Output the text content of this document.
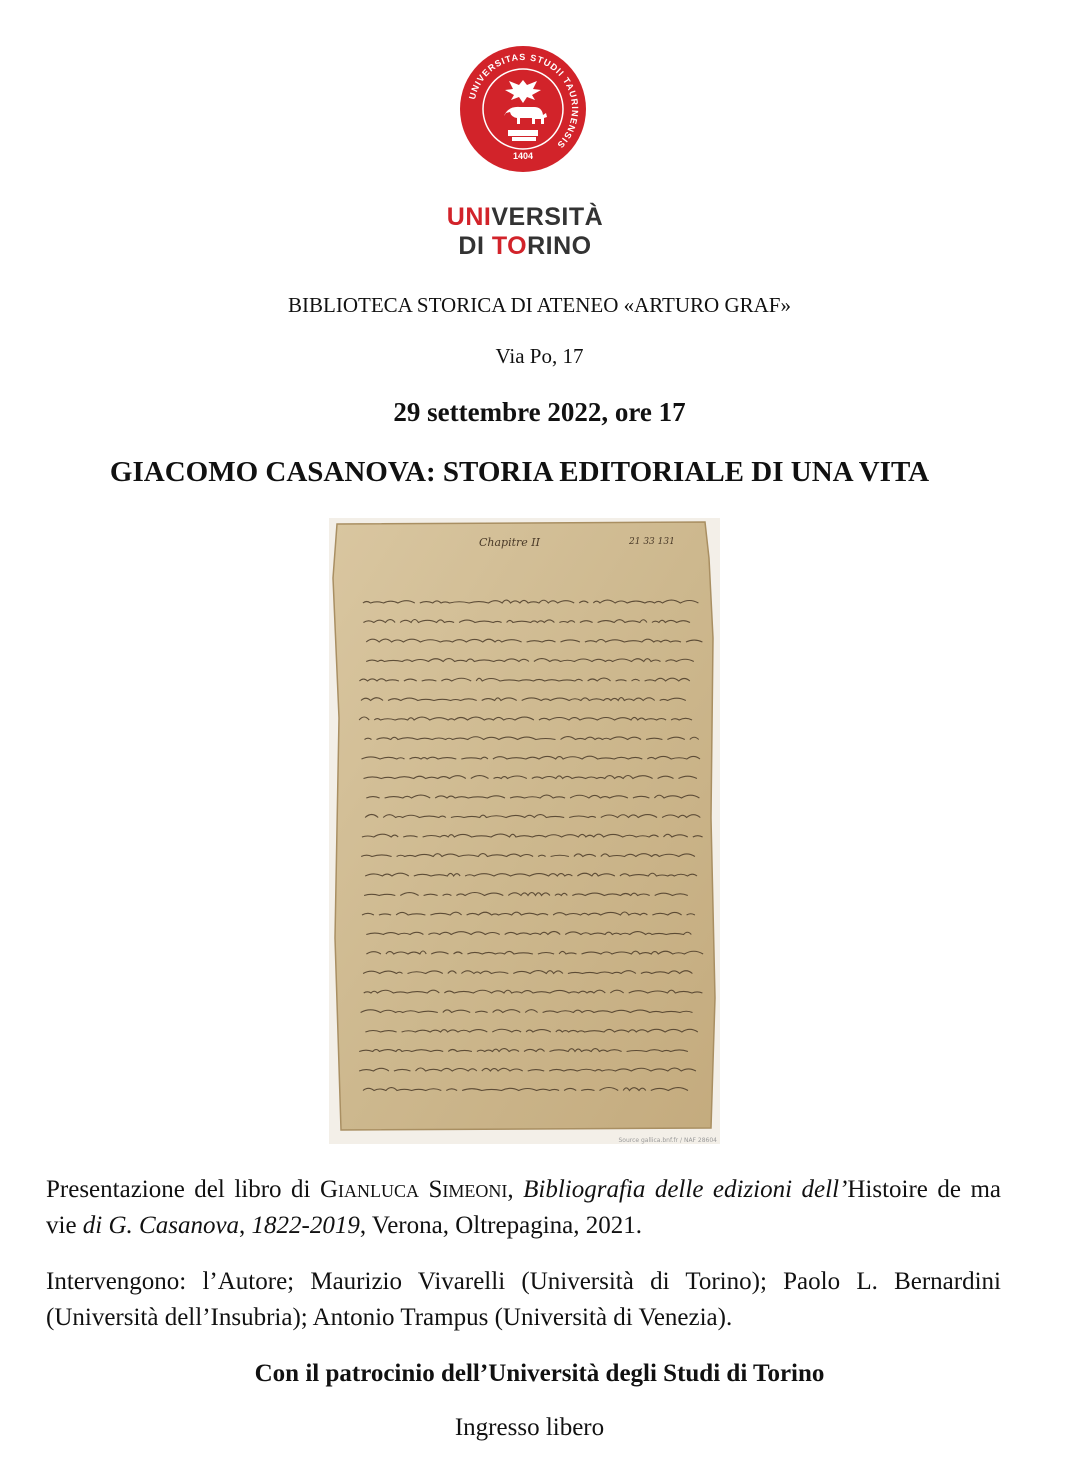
UNIVERSITAS STUDII TAURINENSIS
1404
UNIVERSITÀ
DI TORINO
BIBLIOTECA STORICA DI ATENEO «ARTURO GRAF»
Via Po, 17
29 settembre 2022, ore 17
GIACOMO CASANOVA: STORIA EDITORIALE DI UNA VITA
Chapitre II	21 33 131
Source gallica.bnf.fr / NAF 28604
Presentazione del libro di Gianluca Simeoni, Bibliografia delle edizioni dell’Histoire de ma vie di G. Casanova, 1822-2019, Verona, Oltrepagina, 2021.
Intervengono: l’Autore; Maurizio Vivarelli (Università di Torino); Paolo L. Bernardini (Università dell’Insubria); Antonio Trampus (Università di Venezia).
Con il patrocinio dell’Università degli Studi di Torino
Ingresso libero
